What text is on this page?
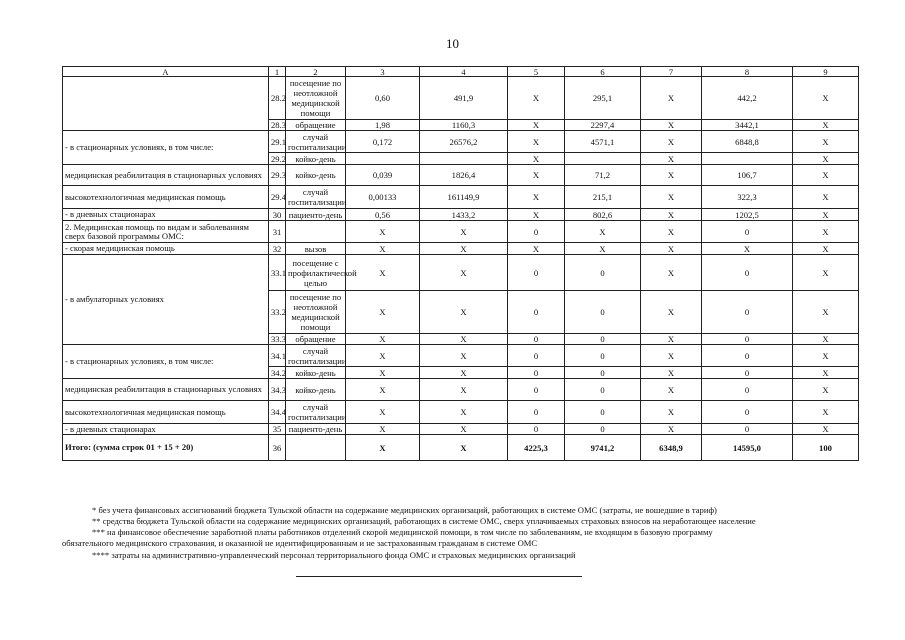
10
А	1	2	3	4	5	6	7	8	9
	28.2	посещение по неотложной медицинской помощи	0,60	491,9	Х	295,1	Х	442,2	Х
	28.3	обращение	1,98	1160,3	Х	2297,4	Х	3442,1	Х
- в стационарных условиях, в том числе:	29.1	случай госпитализации	0,172	26576,2	Х	4571,1	Х	6848,8	Х
	29.2	койко-день			Х		Х		Х
медицинская реабилитация в стационарных условиях	29.3	койко-день	0,039	1826,4	Х	71,2	Х	106,7	Х
высокотехнологичная медицинская помощь	29.4	случай госпитализации	0,00133	161149,9	Х	215,1	Х	322,3	Х
- в дневных стационарах	30	пациенто-день	0,56	1433,2	Х	802,6	Х	1202,5	Х
2. Медицинская помощь по видам и заболеваниям сверх базовой программы ОМС:	31		Х	Х	0	Х	Х	0	Х
- скорая медицинская помощь	32	вызов	Х	Х	Х	Х	Х	Х	Х
- в амбулаторных условиях	33.1	посещение с профилактической целью	Х	Х	0	0	Х	0	Х
	33.2	посещение по неотложной медицинской помощи	Х	Х	0	0	Х	0	Х
	33.3	обращение	Х	Х	0	0	Х	0	Х
- в стационарных условиях, в том числе:	34.1	случай госпитализации	Х	Х	0	0	Х	0	Х
	34.2	койко-день	Х	Х	0	0	Х	0	Х
медицинская реабилитация в стационарных условиях	34.3	койко-день	Х	Х	0	0	Х	0	Х
высокотехнологичная медицинская помощь	34.4	случай госпитализации	Х	Х	0	0	Х	0	Х
- в дневных стационарах	35	пациенто-день	Х	Х	0	0	Х	0	Х
Итого: (сумма строк 01 + 15 + 20)	36		Х	Х	4225,3	9741,2	6348,9	14595,0	100
* без учета финансовых ассигнований бюджета Тульской области на содержание медицинских организаций, работающих в системе ОМС (затраты, не вошедшие в тариф)
** средства бюджета Тульской области на содержание медицинских организаций, работающих в системе ОМС, сверх уплачиваемых страховых взносов на неработающее население
*** на финансовое обеспечение заработной платы работников отделений скорой медицинской помощи, в том числе по заболеваниям, не входящим в базовую программу
обязательного медицинского страхования, и оказанной не идентифицированным и не застрахованным гражданам в системе ОМС
**** затраты на административно-управленческий персонал территориального фонда ОМС и страховых медицинских организаций
